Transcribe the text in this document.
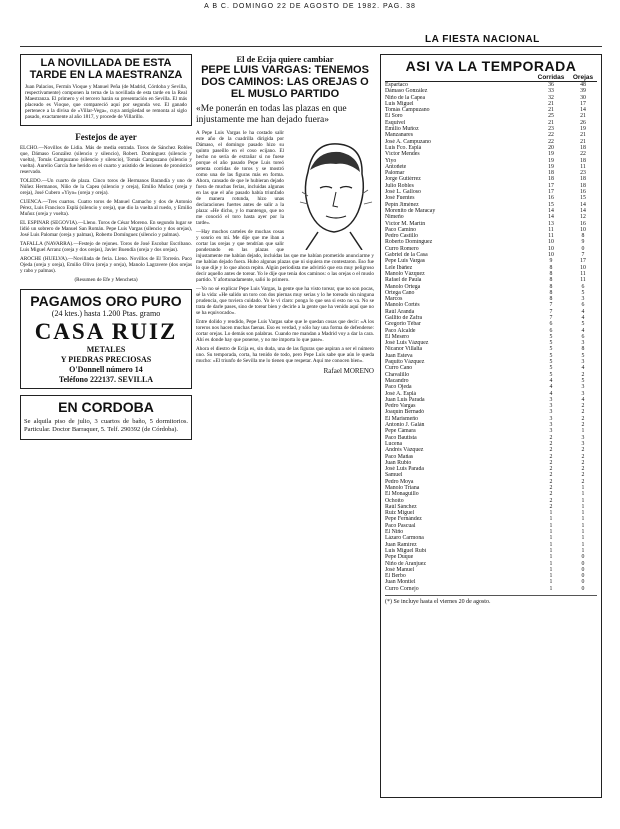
A B C. DOMINGO 22 DE AGOSTO DE 1982. PAG. 38
LA FIESTA NACIONAL
LA NOVILLADA DE ESTA TARDE EN LA MAESTRANZA
Juan Palacios, Fermín Vioque y Manuel Peña (de Madrid, Córdoba y Sevilla, respectivamente) componen la terna de la novillada de esta tarde en la Real Maestranza. El primero y el tercero harán su presentación en Sevilla. El más placeado es Vioque, que compareció aquí por segunda vez. El ganado pertenece a la divisa de «Villar-Vega», cuya antigüedad se remonta al siglo pasado, exactamente al año 1817, y procede de Villarillo.
Festejos de ayer
ELCHO.—Novillos de Lidia. Más de media entrada. Toros de Sánchez Robles que, Dámaso González (silencio y silencio), Robert. Domínguez (silencio y vuelta), Tomás Campuzano (silencio y silencio), Tomás Campuzano (silencio y vuelta). Aurelio García fue herido en el cuarto y asistido de lesiones de pronóstico reservado.
TOLEDO.—Un cuarto de plaza. Cinco toros de Hermanos Barandía y uno de Núñez Hermanos, Niño de la Capea (silencio y oreja), Emilio Muñoz (oreja y oreja), José Cubero «Yiyo» (oreja y oreja).
CUENCA.—Tres cuartos. Cuatro toros de Manuel Camacho y dos de Antonio Pérez, Luis Francisco Esplá (silencio y oreja), que dio la vuelta al ruedo, y Emilio Muñoz (oreja y vuelta).
EL ESPINAR (SEGOVIA).—Lleno. Toros de César Moreno. En segundo lugar se lidió un sobrero de Manuel San Román. Pepe Luis Vargas (silencio y dos orejas), José Luis Palomar (oreja y palmas), Roberto Domínguez (silencio y palmas).
TAFALLA (NAVARRA).—Festejo de rejones. Toros de José Escobar Escribano. Luis Miguel Arranz (oreja y dos orejas), Javier Buendía (oreja y dos orejas).
AROCHE (HUELVA).—Novillada de feria. Lleno. Novillos de El Torreón. Paco Ojeda (oreja y oreja), Emilio Oliva (oreja y oreja), Manolo Lagravere (dos orejas y rabo y palmas).
(Resumen de Efe y Mencheta)
PAGAMOS ORO PURO
(24 ktes.) hasta 1.200 Ptas. gramo
CASA RUIZ
METALES
Y PIEDRAS PRECIOSAS
O'Donnell número 14
Teléfono 222137. SEVILLA
EN CORDOBA
Se alquila piso de julio, 3 cuartos de baño, 5 dormitorios. Particular. Doctor Barraquer, 5. Telf. 290392 (de Córdoba).
El de Ecija quiere cambiar
PEPE LUIS VARGAS: TENEMOS DOS CAMINOS: LAS OREJAS O EL MUSLO PARTIDO
«Me ponerán en todas las plazas en que injustamente me han dejado fuera»
A Pepe Luis Vargas le ha costado salir este año de la cuadrilla dirigida por Dámaso, el domingo pasado hizo su quinto paseíllo en el coso ecijano. El hecho no sería de extrañar si no fuese porque el año pasado Pepe Luis toreó setenta corridas de toros y se mostró como una de las figuras más en forma. Ahora, cansado de que le hubieran dejado fuera de muchas ferias, incluidas algunas en las que el año pasado había triunfado de manera rotunda, hizo unas declaraciones fuertes antes de salir a la plaza: «He dicho, y lo mantengo, que no me conoció el toro hasta ayer por la tarde».
—Hay muchos carteles de muchas cosas y sonrío en mí. Me dije que me iban a cortar las orejas y que tendrían que salir ponderando en las plazas que injustamente me habían dejado, incluidas las que me habían prometido anunciarme y me habían dejado fuera. Hubo algunas plazas que ni siquiera me contestaron. Eso fue lo que dije y lo que ahora repito. Algún periodista me advirtió que era muy peligroso decir aquello antes de torear. Yo le dije que tenía dos caminos: o las orejas o el muslo partido. Y afortunadamente, salió lo primero.
—Yo no sé explicar Pepe Luis Vargas, la gente que ha visto torear, que no son pocas, sé la vida: «He salido un toro con dos piernas muy serias y lo he toreado sin ninguna prudencia, que tuviera cuidado. Yo le vi claro: ponga lo que sea si esto no va. No se trata de darle pases, sino de torear bien y decirle a la gente que ha venido aquí que no se ha equivocado».
Entre dolido y rendido, Pepe Luis Vargas sabe que le quedan cosas que decir: «A los toreros nos hacen muchas faenas. Eso es verdad, y sólo hay una forma de defenderse: cortar orejas. Lo demás son palabras. Cuando me mandan a Madrid voy a dar la cara. Ahí es donde hay que ponerse, y no me importa lo que pase».
Ahora el diestro de Ecija es, sin duda, una de las figuras que aspiran a ser el número uno. Su temporada, corta, ha tenido de todo, pero Pepe Luis sabe que aún le queda mucho: «El triunfo de Sevilla me lo tienen que respetar. Aquí me conocen bien».
Rafael MORENO
ASI VA LA TEMPORADA
Corridas	Orejas
Espartaco	36	48
Dámaso González	33	39
Niño de la Capea	32	30
Luis Miguel	21	17
Tomás Campuzano	21	14
El Soro	25	21
Esquivel	21	26
Emilio Muñoz	23	19
Manzanares	22	21
José A. Campuzano	22	21
Luis Fco. Esplá	20	18
Víctor Mendes	19	22
Yiyo	19	18
Antoñete	19	11
Palomar	18	23
Jorge Gutiérrez	18	18
Julio Robles	17	18
José L. Galloso	17	16
José Fuentes	16	15
Pepín Jiménez	15	14
Morenito de Maracay	14	14
Nimeño	14	12
Víctor M. Martín	13	16
Paco Camino	11	10
Pedro Castillo	11	8
Roberto Domínguez	10	9
Curro Romero	10	0
Gabriel de la Casa	10	7
Pepe Luis Vargas	9	17
Lele Ibáñez	8	10
Manolo Vázquez	8	11
Rafael de Paula	8	11
Manolo Ortega	8	6
Ortega Cano	8	5
Marcos	8	3
Manolo Cortés	7	6
Raúl Aranda	7	4
Gallito de Zafra	7	4
Gregorio Tébar	6	5
Paco Alcalde	6	4
El Mesero	5	6
José Luis Vázquez	5	3
Nicanor Villalta	5	8
Juan Esteva	5	5
Paquito Vázquez	5	3
Curro Cano	5	4
Chavalillo	5	2
Macandro	4	5
Paco Ojeda	4	3
José A. Esplá	4	3
Juan Luis Parada	3	4
Pedro Vargas	3	2
Joaquín Bernadó	3	2
El Marismeño	3	2
Antonio J. Galán	3	2
Pepe Cámara	3	1
Paco Bautista	2	3
Lucena	2	3
Andrés Vázquez	2	2
Paco Mañas	2	2
Juan Rubio	2	2
José Luis Parada	2	2
Samuel	2	2
Pedro Moya	2	2
Manolo Triana	2	1
El Monaguillo	2	1
Ochoíto	2	1
Raúl Sánchez	2	1
Ruiz Miguel	1	1
Pepe Fernández	1	1
Paco Pascual	1	1
El Niño	1	1
Lázaro Carmona	1	1
Juan Ramírez	1	1
Luis Miguel Rubí	1	1
Pepe Duque	1	0
Niño de Aranjuez	1	0
José Manuel	1	0
El Berbo	1	0
Juan Montiel	1	0
Curro Cornejo	1	0
(*) Se incluye hasta el viernes 20 de agosto.
